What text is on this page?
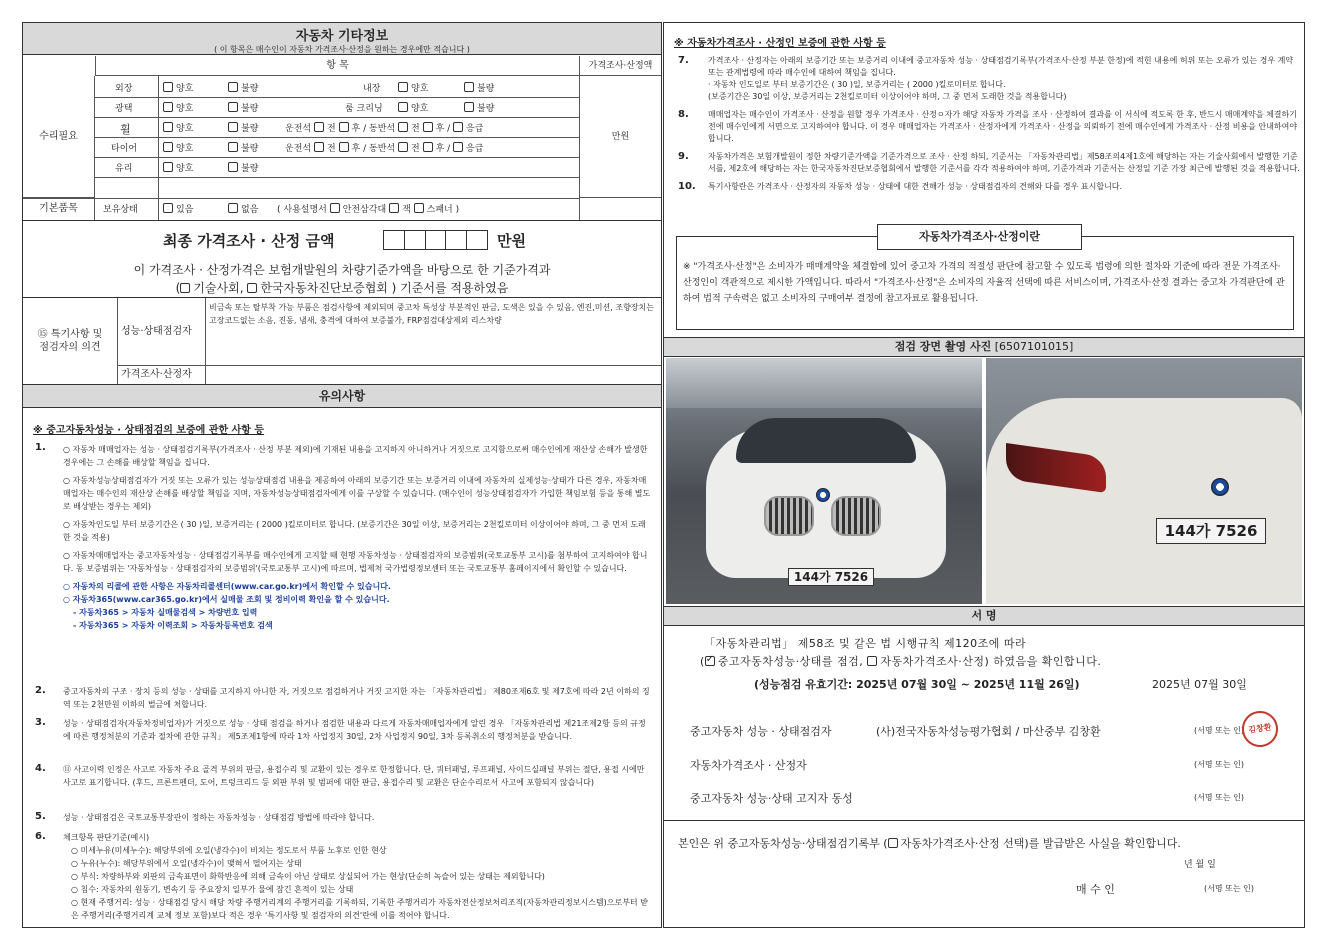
자동차 기타정보
( 이 항목은 매수인이 자동차 가격조사·산정을 원하는 경우에만 적습니다 )
항 목	가격조사·산정액
수리필요
기본품목
만원
외장	양호	불량	내장	양호	불량
광택	양호	불량	룸 크리닝	양호	불량
휠	양호	불량	운전석 전 후 / 동반석 전 후 / 응급
타이어	양호	불량	운전석 전 후 / 동반석 전 후 / 응급
유리	양호	불량
보유상태	있음	없음 ( 사용설명서 안전삼각대 잭 스패너 )
최종 가격조사 · 산정 금액	만원
이 가격조사 · 산정가격은 보험개발원의 차량기준가액을 바탕으로 한 기준가격과
( 기술사회, 한국자동차진단보증협회 ) 기준서를 적용하였음
⑮ 특기사항 및
점검자의 의견
성능·상태점검자
비금속 또는 탈부착 가능 부품은 점검사항에 제외되며 중고차 특성상 부분적인 판금, 도색은 있을 수 있음, 엔진,미션, 조향장치는 고장코드없는 소음, 진동, 냄새, 충격에 대하여 보증불가, FRP점검대상제외 리스차량
가격조사·산정자
유의사항
※ 중고자동차성능 · 상태점검의 보증에 관한 사항 등
1. ○ 자동차 매매업자는 성능 · 상태점검기록부(가격조사 · 산정 부분 제외)에 기재된 내용을 고지하지 아니하거나 거짓으로 고지함으로써 매수인에게 재산상 손해가 발생한 경우에는 그 손해를 배상할 책임을 집니다.

○ 자동차성능상태점검자가 거짓 또는 오류가 있는 성능상태점검 내용을 제공하여 아래의 보증기간 또는 보증거리 이내에 자동차의 실제성능·상태가 다른 경우, 자동차매매업자는 매수인의 재산상 손해를 배상할 책임을 지며, 자동차성능상태점검자에게 이를 구상할 수 있습니다. (매수인이 성능상태점검자가 가입한 책임보험 등을 통해 별도로 배상받는 경우는 제외)

○ 자동차인도일 부터 보증기간은 ( 30 )일, 보증거리는 ( 2000 )킬로미터로 합니다. (보증기간은 30일 이상, 보증거리는 2천킬로미터 이상이어야 하며, 그 중 먼저 도래한 것을 적용)

○ 자동차매매업자는 중고자동차성능 · 상태점검기록부를 매수인에게 고지할 때 현행 자동차성능 · 상태점검자의 보증범위(국토교통부 고시)를 첨부하여 고지하여야 합니다. 동 보증범위는 '자동차성능 · 상태점검자의 보증범위'(국토교통부 고시)에 따르며, 법제처 국가법령정보센터 또는 국토교통부 홈페이지에서 확인할 수 있습니다.

○ 자동차의 리콜에 관한 사항은 자동차리콜센터(www.car.go.kr)에서 확인할 수 있습니다.

○ 자동차365(www.car365.go.kr)에서 실매물 조회 및 정비이력 확인을 할 수 있습니다.

- 자동차365 > 자동차 실매물검색 > 차량번호 입력

- 자동차365 > 자동차 이력조회 > 자동차등록번호 검색

2. 중고자동차의 구조 · 장치 등의 성능 · 상태를 고지하지 아니한 자, 거짓으로 점검하거나 거짓 고지한 자는 「자동차관리법」 제80조제6호 및 제7호에 따라 2년 이하의 징역 또는 2천만원 이하의 벌금에 처합니다.

3. 성능 · 상태점검자(자동차정비업자)가 거짓으로 성능 · 상태 점검을 하거나 점검한 내용과 다르게 자동차매매업자에게 알린 경우 「자동차관리법 제21조제2항 등의 규정에 따른 행정처분의 기준과 절차에 관한 규칙」 제5조제1항에 따라 1차 사업정지 30일, 2차 사업정지 90일, 3차 등록취소의 행정처분을 받습니다.

4. ⑪ 사고이력 인정은 사고로 자동차 주요 골격 부위의 판금, 용접수리 및 교환이 있는 경우로 한정합니다. 단, 쿼터패널, 루프패널, 사이드실패널 부위는 절단, 용접 시에만 사고로 표기합니다. (후드, 프론트펜더, 도어, 트렁크리드 등 외판 부위 및 범퍼에 대한 판금, 용접수리 및 교환은 단순수리로서 사고에 포함되지 않습니다)

5. 성능 · 상태점검은 국토교통부장관이 정하는 자동차성능 · 상태점검 방법에 따라야 합니다.

6. 체크항목 판단기준(예시)

○ 미세누유(미세누수): 해당부위에 오일(냉각수)이 비치는 정도로서 부품 노후로 인한 현상

○ 누유(누수): 해당부위에서 오일(냉각수)이 맺혀서 떨어지는 상태

○ 부식: 차량하부와 외판의 금속표면이 화학반응에 의해 금속이 아닌 상태로 상실되어 가는 현상(단순히 녹슬어 있는 상태는 제외합니다)

○ 침수: 자동차의 원동기, 변속기 등 주요장치 일부가 물에 잠긴 흔적이 있는 상태

○ 현재 주행거리: 성능 · 상태점검 당시 해당 차량 주행거리계의 주행거리를 기록하되, 기록한 주행거리가 자동차전산정보처리조직(자동차관리정보시스템)으로부터 받은 주행거리(주행거리계 교체 정보 포함)보다 적은 경우 '특기사항 및 점검자의 의견'란에 이를 적어야 합니다.

※ 자동차가격조사 · 산정인 보증에 관한 사항 등
7.	가격조사 · 산정자는 아래의 보증기간 또는 보증거리 이내에 중고자동차 성능 · 상태점검기록부(가격조사·산정 부분 한정)에 적힌 내용에 허위 또는 오류가 있는 경우 계약 또는 관계법령에 따라 매수인에 대하여 책임을 집니다.
· 자동차 인도일로 부터 보증기간은 ( 30 )일, 보증거리는 ( 2000 )킬로미터로 합니다.
(보증기간은 30일 이상, 보증거리는 2천킬로미터 이상이어야 하며, 그 중 먼저 도래한 것을 적용합니다)

8.	매매업자는 매수인이 가격조사 · 산정을 원할 경우 가격조사 · 산정ㅇ자가 해당 자동차 가격을 조사 · 산정하여 결과를 이 서식에 적도록 한 후, 반드시 매매계약을 체결하기 전에 매수인에게 서면으로 고지하여야 합니다. 이 경우 매매업자는 가격조사 · 산정자에게 가격조사 · 산정을 의뢰하기 전에 매수인에게 가격조사 · 산정 비용을 안내하여야 합니다.

9.	자동차가격은 보험개발원이 정한 차량기준가액을 기준가격으로 조사 · 산정 하되, 기준서는 「자동차관리법」제58조의4제1호에 해당하는 자는 기술사회에서 발행한 기준서를, 제2호에 해당하는 자는 한국자동차진단보증협회에서 발행한 기준서를 각각 적용하여야 하며, 기준가격과 기준서는 산정일 기준 가장 최근에 발행된 것을 적용합니다.

10.	특기사항란은 가격조사 · 산정자의 자동차 성능 · 상태에 대한 견해가 성능 · 상태점검자의 견해와 다를 경우 표시합니다.

자동차가격조사·산정이란

※ "가격조사·산정"은 소비자가 매매계약을 체결함에 있어 중고차 가격의 적절성 판단에 참고할 수 있도록 법령에 의한 절차와 기준에 따라 전문 가격조사·산정인이 객관적으로 제시한 가액입니다. 따라서 "가격조사·산정"은 소비자의 자율적 선택에 따른 서비스이며, 가격조사·산정 결과는 중고차 가격판단에 관하여 법적 구속력은 없고 소비자의 구매여부 결정에 참고자료로 활용됩니다.

점검 장면 촬영 사진 [6507101015]
144가 7526
144가 7526
서 명
「자동차관리법」 제58조 및 같은 법 시행규칙 제120조에 따라
(✓ 중고자동차성능·상태를 점검, 자동차가격조사·산정) 하였음을 확인합니다.
(성능점검 유효기간: 2025년 07월 30일 ~ 2025년 11월 26일)	2025년 07월 30일
중고자동차 성능 · 상태점검자	(사)전국자동차성능평가협회 / 마산중부 김창환	(서명 또는 인) 김창환
자동차가격조사 · 산정자	(서명 또는 인)
중고자동차 성능·상태 고지자 동성	(서명 또는 인)
본인은 위 중고자동차성능·상태점검기록부 ( 자동차가격조사·산정 선택)를 발급받은 사실을 확인합니다.
년 월 일
매 수 인	(서명 또는 인)
